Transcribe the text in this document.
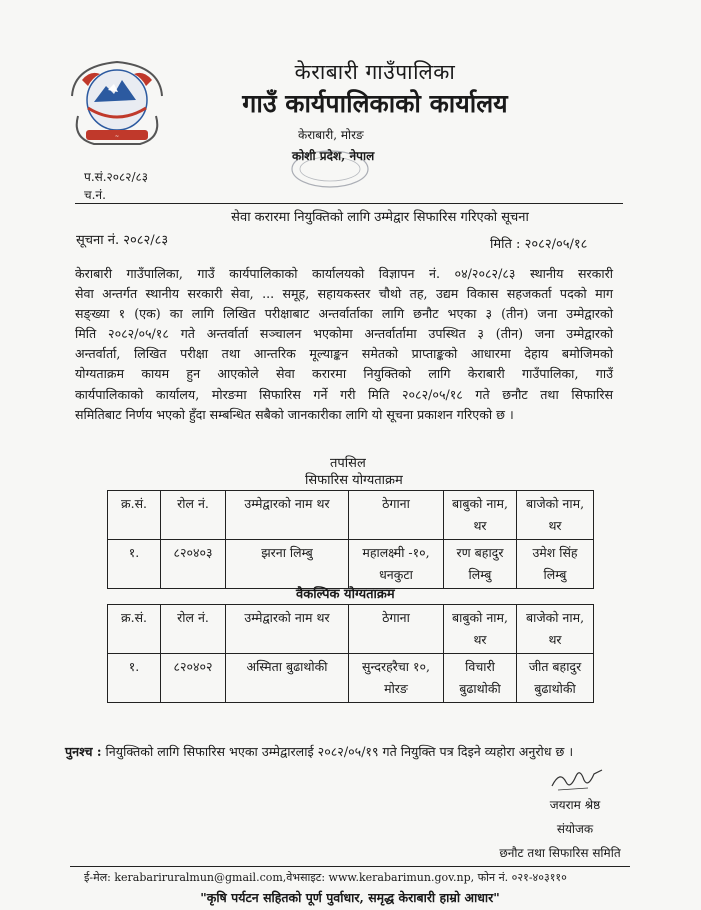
~
केराबारी गाउँपालिका
गाउँ कार्यपालिकाको कार्यालय
केराबारी, मोरङ
कोशी प्रदेश, नेपाल
प.सं.२०८२/८३
च.नं.
सेवा करारमा नियुक्तिको लागि उम्मेद्वार सिफारिस गरिएको सूचना
सूचना नं. २०८२/८३	मिति : २०८२/०५/१८
केराबारी गाउँपालिका, गाउँ कार्यपालिकाको कार्यालयको विज्ञापन नं. ०४/२०८२/८३ स्थानीय सरकारी
सेवा अन्तर्गत स्थानीय सरकारी सेवा, ... समूह, सहायकस्तर चौथो तह, उद्यम विकास सहजकर्ता पदको माग
सङ्ख्या १ (एक) का लागि लिखित परीक्षाबाट अन्तर्वार्ताका लागि छनौट भएका ३ (तीन) जना उम्मेद्वारको
मिति २०८२/०५/१८ गते अन्तर्वार्ता सञ्चालन भएकोमा अन्तर्वार्तामा उपस्थित ३ (तीन) जना उम्मेद्वारको
अन्तर्वार्ता, लिखित परीक्षा तथा आन्तरिक मूल्याङ्कन समेतको प्राप्ताङ्कको आधारमा देहाय बमोजिमको
योग्यताक्रम कायम हुन आएकोले सेवा करारमा नियुक्तिको लागि केराबारी गाउँपालिका, गाउँ
कार्यपालिकाको कार्यालय, मोरङमा सिफारिस गर्ने गरी मिति २०८२/०५/१८ गते छनौट तथा सिफारिस
समितिबाट निर्णय भएको हुँदा सम्बन्धित सबैको जानकारीका लागि यो सूचना प्रकाशन गरिएको छ ।
तपसिल
सिफारिस योग्यताक्रम
क्र.सं.	रोल नं.	उम्मेद्वारको नाम थर	ठेगाना	बाबुको नाम, थर	बाजेको नाम, थर
१.	८२०४०३	झरना लिम्बु	महालक्ष्मी -१०, धनकुटा	रण बहादुर लिम्बु	उमेश सिंह लिम्बु
वैकल्पिक योग्यताक्रम
क्र.सं.	रोल नं.	उम्मेद्वारको नाम थर	ठेगाना	बाबुको नाम, थर	बाजेको नाम, थर
१.	८२०४०२	अस्मिता बुढाथोकी	सुन्दरहरैचा १०, मोरङ	विचारी बुढाथोकी	जीत बहादुर बुढाथोकी
पुनश्च : नियुक्तिको लागि सिफारिस भएका उम्मेद्वारलाई २०८२/०५/१९ गते नियुक्ति पत्र दिइने व्यहोरा अनुरोध छ ।
जयराम श्रेष्ठ
संयोजक
छनौट तथा सिफारिस समिति
ई-मेल: kerabariruralmun@gmail.com,वेभसाइट: www.kerabarimun.gov.np, फोन नं. ०२१-४०३११०
"कृषि पर्यटन सहितको पूर्ण पुर्वाधार, समृद्ध केराबारी हाम्रो आधार"
